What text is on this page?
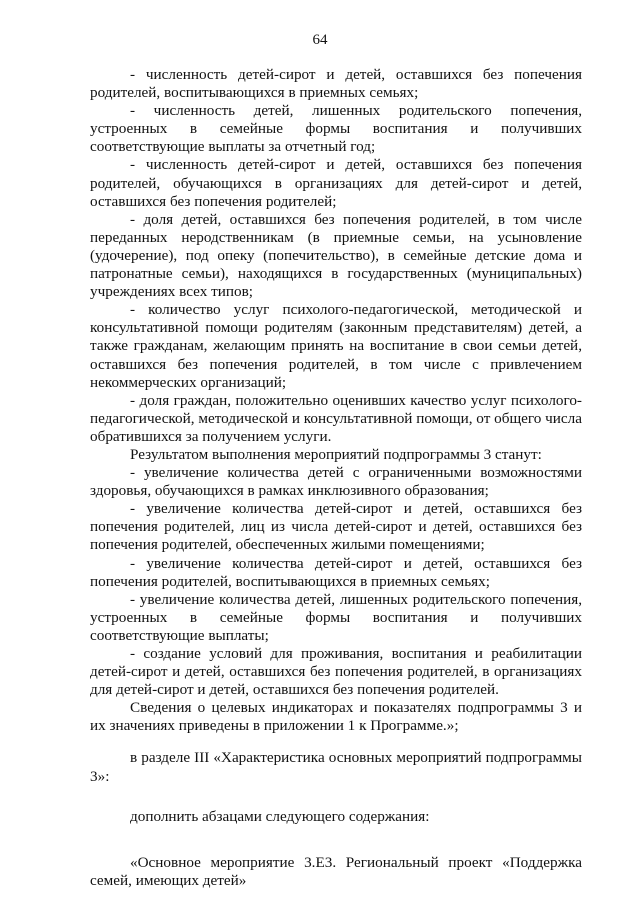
64

- численность детей-сирот и детей, оставшихся без попечения родителей, воспитывающихся в приемных семьях;

- численность детей, лишенных родительского попечения, устроенных в семейные формы воспитания и получивших соответствующие выплаты за отчетный год;

- численность детей-сирот и детей, оставшихся без попечения родителей, обучающихся в организациях для детей-сирот и детей, оставшихся без попечения родителей;

- доля детей, оставшихся без попечения родителей, в том числе переданных неродственникам (в приемные семьи, на усыновление (удочерение), под опеку (попечительство), в семейные детские дома и патронатные семьи), находящихся в государственных (муниципальных) учреждениях всех типов;

- количество услуг психолого-педагогической, методической и консультативной помощи родителям (законным представителям) детей, а также гражданам, желающим принять на воспитание в свои семьи детей, оставшихся без попечения родителей, в том числе с привлечением некоммерческих организаций;

- доля граждан, положительно оценивших качество услуг психолого-педагогической, методической и консультативной помощи, от общего числа обратившихся за получением услуги.

Результатом выполнения мероприятий подпрограммы 3 станут:

- увеличение количества детей с ограниченными возможностями здоровья, обучающихся в рамках инклюзивного образования;

- увеличение количества детей-сирот и детей, оставшихся без попечения родителей, лиц из числа детей-сирот и детей, оставшихся без попечения родителей, обеспеченных жилыми помещениями;

- увеличение количества детей-сирот и детей, оставшихся без попечения родителей, воспитывающихся в приемных семьях;

- увеличение количества детей, лишенных родительского попечения, устроенных в семейные формы воспитания и получивших соответствующие выплаты;

- создание условий для проживания, воспитания и реабилитации детей-сирот и детей, оставшихся без попечения родителей, в организациях для детей-сирот и детей, оставшихся без попечения родителей.

Сведения о целевых индикаторах и показателях подпрограммы 3 и их значениях приведены в приложении 1 к Программе.»;

в разделе III «Характеристика основных мероприятий подпрограммы 3»:

дополнить абзацами следующего содержания:

«Основное мероприятие 3.Е3. Региональный проект «Поддержка семей, имеющих детей»
